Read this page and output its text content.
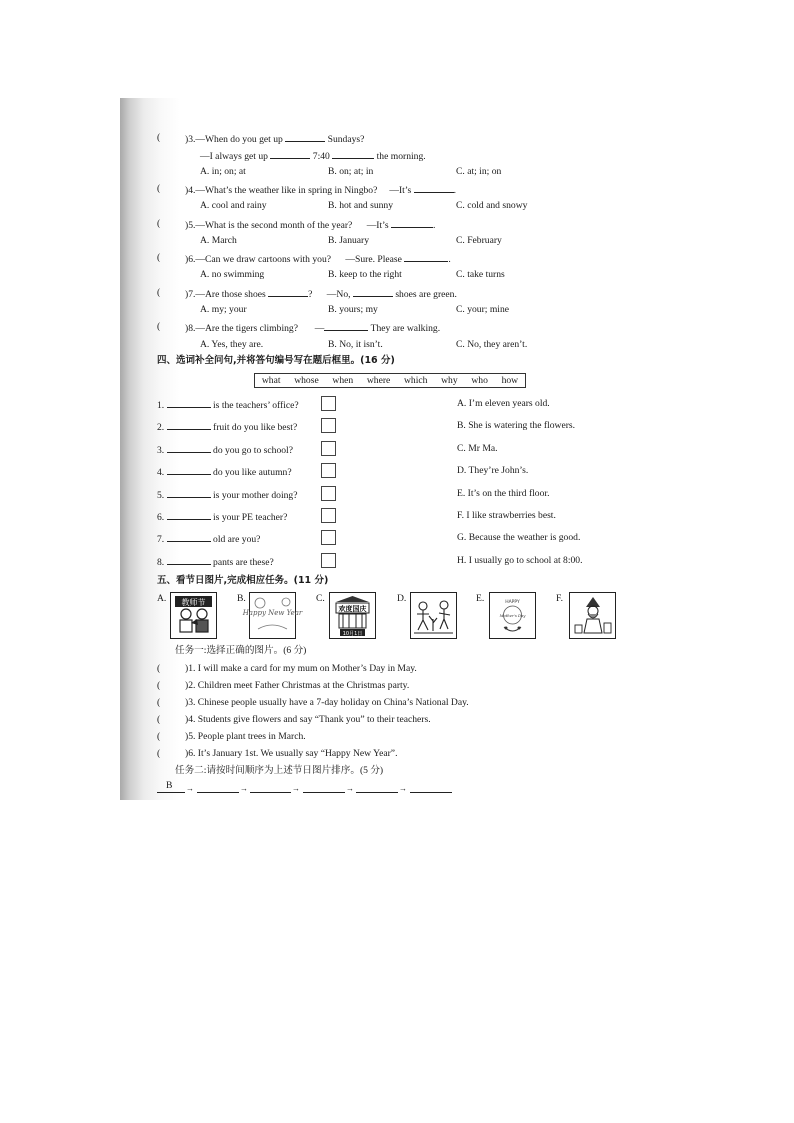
(	)3.—When do you get up	Sundays?
—I always get up	7:40	the morning.
A. in; on; at	B. on; at; in	C. at; in; on
(	)4.—What’s the weather like in spring in Ningbo? —It’s	.
A. cool and rainy	B. hot and sunny	C. cold and snowy
(	)5.—What is the second month of the year? —It’s	.
A. March	B. January	C. February
(	)6.—Can we draw cartoons with you? —Sure. Please	.
A. no swimming	B. keep to the right	C. take turns
(	)7.—Are those shoes	? —No,	shoes are green.
A. my; your	B. yours; my	C. your; mine
(	)8.—Are the tigers climbing? —	They are walking.
A. Yes, they are.	B. No, it isn’t.	C. No, they aren’t.
四、选词补全问句,并将答句编号写在题后框里。(16 分)
what whose when where which why who how
1.	is the teachers’ office?	A. I’m eleven years old.
2.	fruit do you like best?	B. She is watering the flowers.
3.	do you go to school?	C. Mr Ma.
4.	do you like autumn?	D. They’re John’s.
5.	is your mother doing?	E. It’s on the third floor.
6.	is your PE teacher?	F. I like strawberries best.
7.	old are you?	G. Because the weather is good.
8.	pants are these?	H. I usually go to school at 8:00.
五、看节日图片,完成相应任务。(11 分)
A. 教师节	B.
Happy New Year
C.
欢度国庆
10月1日
D.	E.	HAPPY
Mother's Day
F.
任务一:选择正确的图片。(6 分)
(	)1. I will make a card for my mum on Mother’s Day in May.
(	)2. Children meet Father Christmas at the Christmas party.
(	)3. Chinese people usually have a 7-day holiday on China’s National Day.
(	)4. Students give flowers and say “Thank you” to their teachers.
(	)5. People plant trees in March.
(	)6. It’s January 1st. We usually say “Happy New Year”.
任务二:请按时间顺序为上述节日图片排序。(5 分)
B →	→	→	→	→
